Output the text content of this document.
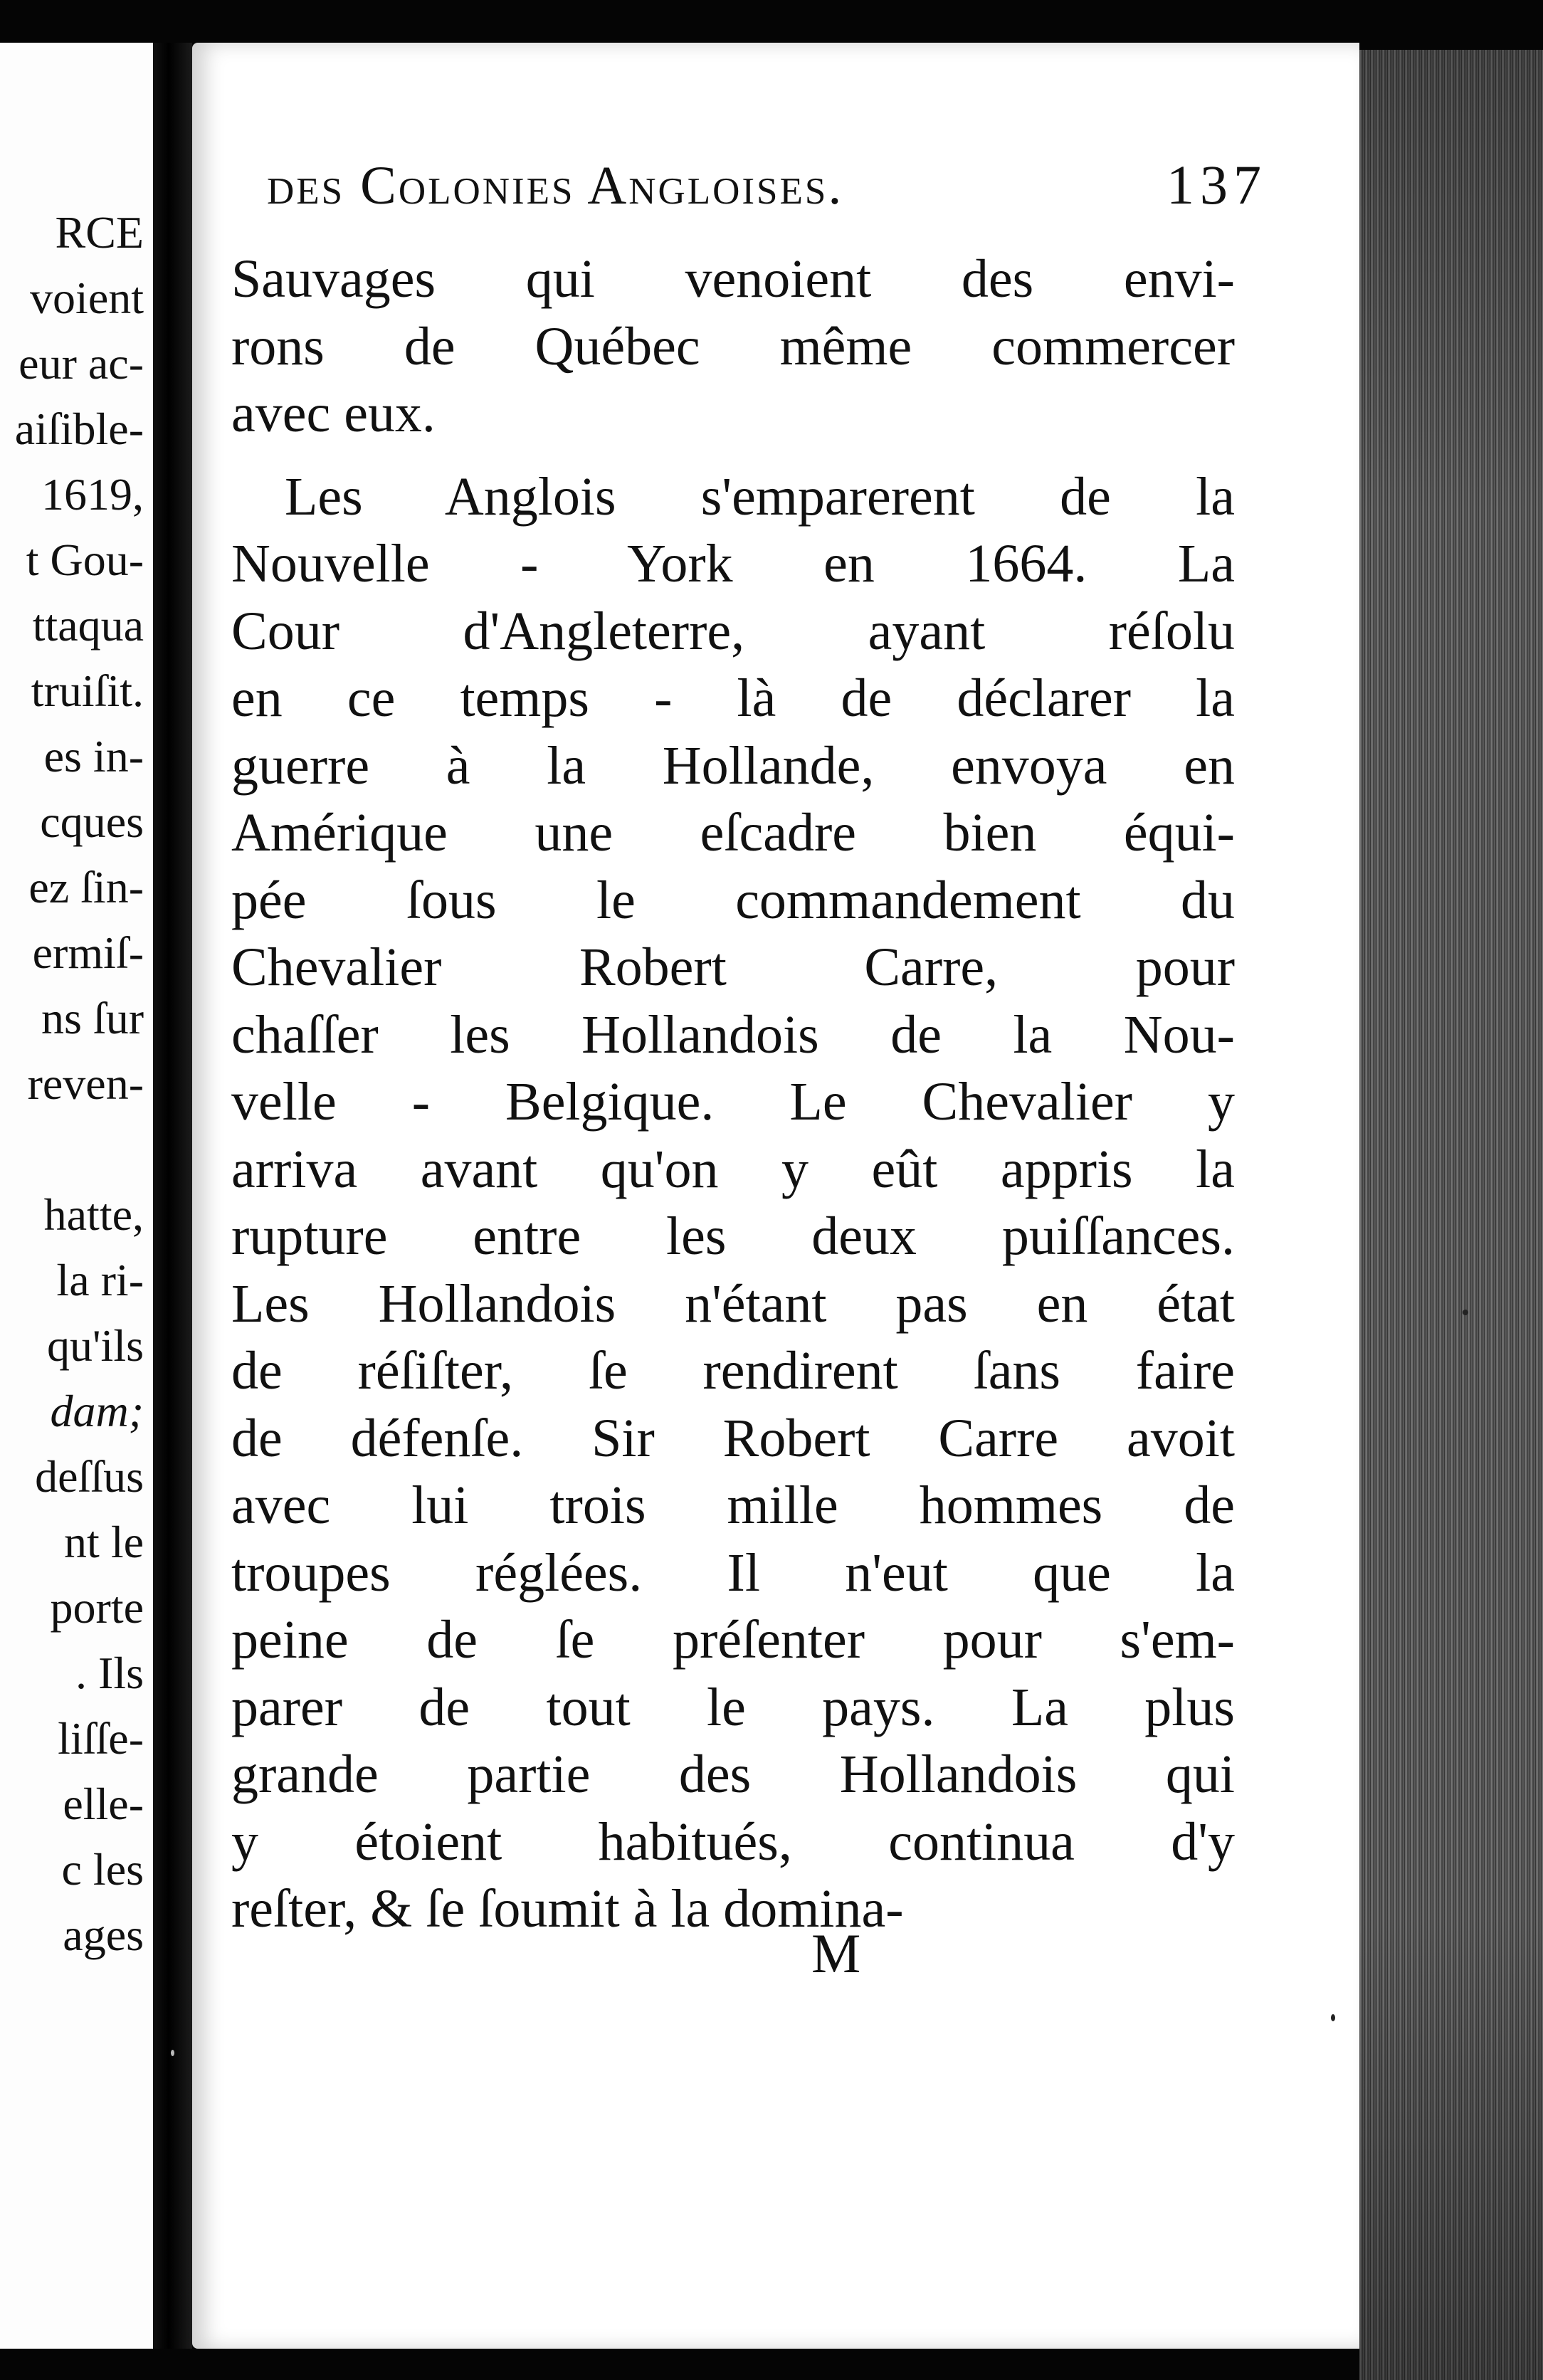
RCE
voient
eur ac-
aiſible-
1619,
t Gou-
ttaqua
truiſit.
es in-
cques
ez ſin-
ermiſ-
ns ſur
reven-
hatte,
la ri-
qu'ils
dam;
deſſus
nt le
porte
. Ils
liſſe-
elle-
c les
ages
des Colonies Angloises.	137
Sauvages qui venoient des envi-
rons de Québec même commercer
avec eux.
Les Anglois s'emparerent de la
Nouvelle - York en 1664. La
Cour d'Angleterre, ayant réſolu
en ce temps - là de déclarer la
guerre à la Hollande, envoya en
Amérique une eſcadre bien équi-
pée ſous le commandement du
Chevalier Robert Carre, pour
chaſſer les Hollandois de la Nou-
velle - Belgique. Le Chevalier y
arriva avant qu'on y eût appris la
rupture entre les deux puiſſances.
Les Hollandois n'étant pas en état
de réſiſter, ſe rendirent ſans faire
de défenſe. Sir Robert Carre avoit
avec lui trois mille hommes de
troupes réglées. Il n'eut que la
peine de ſe préſenter pour s'em-
parer de tout le pays. La plus
grande partie des Hollandois qui
y étoient habitués, continua d'y
reſter, & ſe ſoumit à la domina-
M
